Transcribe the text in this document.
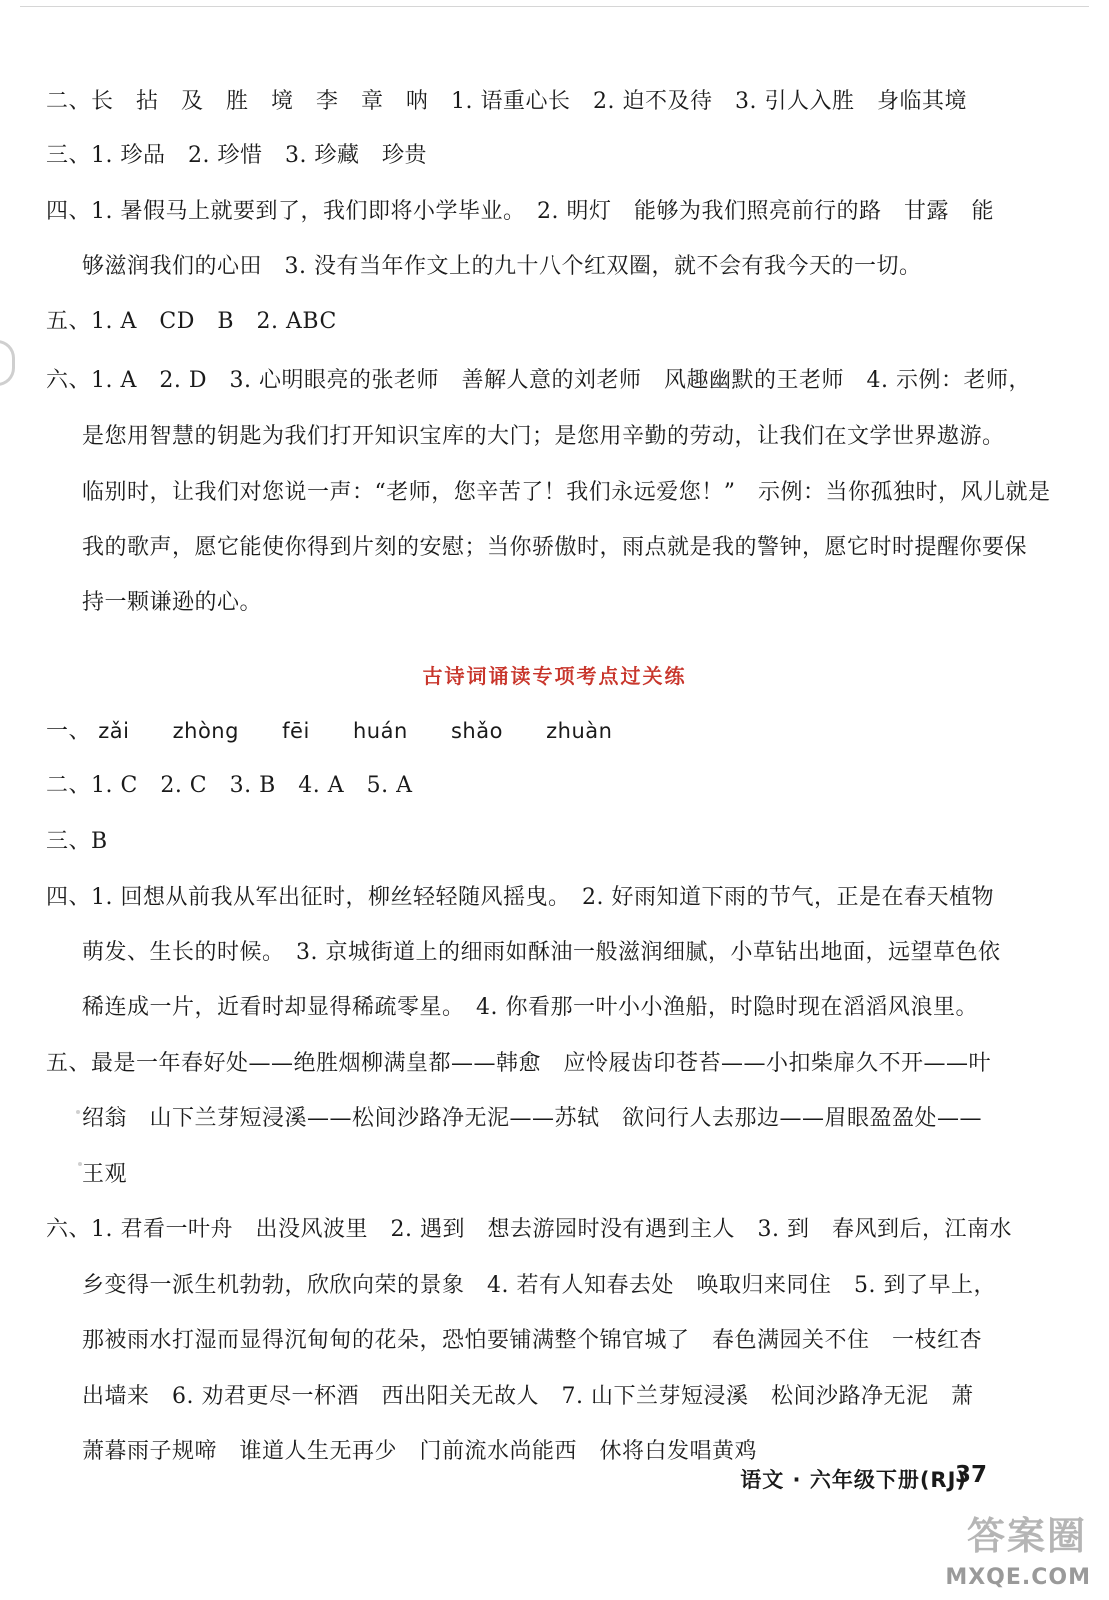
二、长　拈　及　胜　境　李　章　呐　1. 语重心长　2. 迫不及待　3. 引人入胜　身临其境
三、1. 珍品　2. 珍惜　3. 珍藏　珍贵
四、1. 暑假马上就要到了，我们即将小学毕业。　2. 明灯　能够为我们照亮前行的路　甘露　能
够滋润我们的心田　3. 没有当年作文上的九十八个红双圈，就不会有我今天的一切。
五、1. A　CD　B　2. ABC
六、1. A　2. D　3. 心明眼亮的张老师　善解人意的刘老师　风趣幽默的王老师　4. 示例：老师，
是您用智慧的钥匙为我们打开知识宝库的大门；是您用辛勤的劳动，让我们在文学世界遨游。
临别时，让我们对您说一声：“老师，您辛苦了！我们永远爱您！”　示例：当你孤独时，风儿就是
我的歌声，愿它能使你得到片刻的安慰；当你骄傲时，雨点就是我的警钟，愿它时时提醒你要保
持一颗谦逊的心。
古诗词诵读专项考点过关练
一、 zǎi zhòng fēi huán shǎo zhuàn
二、1. C　2. C　3. B　4. A　5. A
三、B
四、1. 回想从前我从军出征时，柳丝轻轻随风摇曳。　2. 好雨知道下雨的节气，正是在春天植物
萌发、生长的时候。　3. 京城街道上的细雨如酥油一般滋润细腻，小草钻出地面，远望草色依
稀连成一片，近看时却显得稀疏零星。　4. 你看那一叶小小渔船，时隐时现在滔滔风浪里。
五、最是一年春好处——绝胜烟柳满皇都——韩愈　应怜屐齿印苍苔——小扣柴扉久不开——叶
绍翁　山下兰芽短浸溪——松间沙路净无泥——苏轼　欲问行人去那边——眉眼盈盈处——
王观
六、1. 君看一叶舟　出没风波里　2. 遇到　想去游园时没有遇到主人　3. 到　春风到后，江南水
乡变得一派生机勃勃，欣欣向荣的景象　4. 若有人知春去处　唤取归来同住　5. 到了早上，
那被雨水打湿而显得沉甸甸的花朵，恐怕要铺满整个锦官城了　春色满园关不住　一枝红杏
出墙来　6. 劝君更尽一杯酒　西出阳关无故人　7. 山下兰芽短浸溪　松间沙路净无泥　萧
萧暮雨子规啼　谁道人生无再少　门前流水尚能西　休将白发唱黄鸡
语文 · 六年级下册(RJ)
37
答案圈
MXQE.COM
